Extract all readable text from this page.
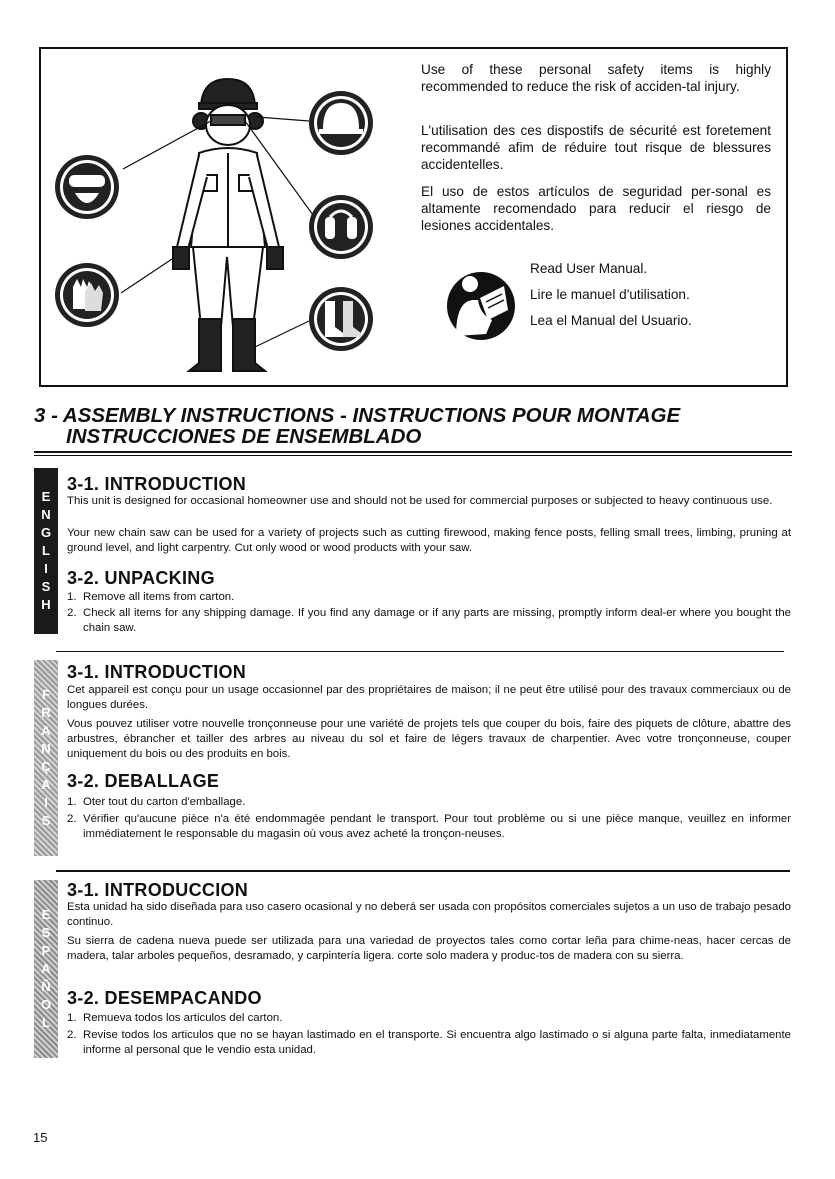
Use of these personal safety items is highly recommended to reduce the risk of acciden-tal injury.
L'utilisation des ces dispostifs de sécurité est foretement recommandé afim de réduire tout risque de blessures accidentelles.
El uso de estos artículos de seguridad per-sonal es altamente recomendado para reducir el riesgo de lesiones accidentales.
Read User Manual.
Lire le manuel d'utilisation.
Lea el Manual del Usuario.
3 - ASSEMBLY INSTRUCTIONS - INSTRUCTIONS POUR MONTAGE
INSTRUCCIONES DE ENSEMBLADO
E
N
G
L
I
S
H
3-1. INTRODUCTION
This unit is designed for occasional homeowner use and should not be used for commercial purposes or subjected to heavy continuous use.
Your new chain saw can be used for a variety of projects such as cutting firewood, making fence posts, felling small trees, limbing, pruning at ground level, and light carpentry. Cut only wood or wood products with your saw.
3-2. UNPACKING
1. Remove all items from carton.
2. Check all items for any shipping damage. If you find any damage or if any parts are missing, promptly inform deal-er where you bought the chain saw.
F
R
A
N
Ç
A
I
S
3-1. INTRODUCTION
Cet appareil est conçu pour un usage occasionnel par des propriétaires de maison; il ne peut être utilisé pour des travaux commerciaux ou de longues durées.
Vous pouvez utiliser votre nouvelle tronçonneuse pour une variété de projets tels que couper du bois, faire des piquets de clôture, abattre des arbustres, ébrancher et tailler des arbres au niveau du sol et faire de légers travaux de charpentier. Avec votre tronçonneuse, couper uniquement du bois ou des produits en bois.
3-2. DEBALLAGE
1. Oter tout du carton d'emballage.
2. Vérifier qu'aucune pièce n'a été endommagée pendant le transport. Pour tout problème ou si une pièce manque, veuillez en informer immédiatement le responsable du magasin où vous avez acheté la tronçon-neuses.
E
S
P
A
Ñ
O
L
3-1. INTRODUCCION
Esta unidad ha sido diseñada para uso casero ocasional y no deberá ser usada con propósitos comerciales sujetos a un uso de trabajo pesado continuo.
Su sierra de cadena nueva puede ser utilizada para una variedad de proyectos tales como cortar leña para chime-neas, hacer cercas de madera, talar arboles pequeños, desramado, y carpintería ligera. corte solo madera y produc-tos de madera con su sierra.
3-2. DESEMPACANDO
1. Remueva todos los articulos del carton.
2. Revise todos los articulos que no se hayan lastimado en el transporte. Si encuentra algo lastimado o si alguna parte falta, inmediatamente informe al personal que le vendio esta unidad.
15
